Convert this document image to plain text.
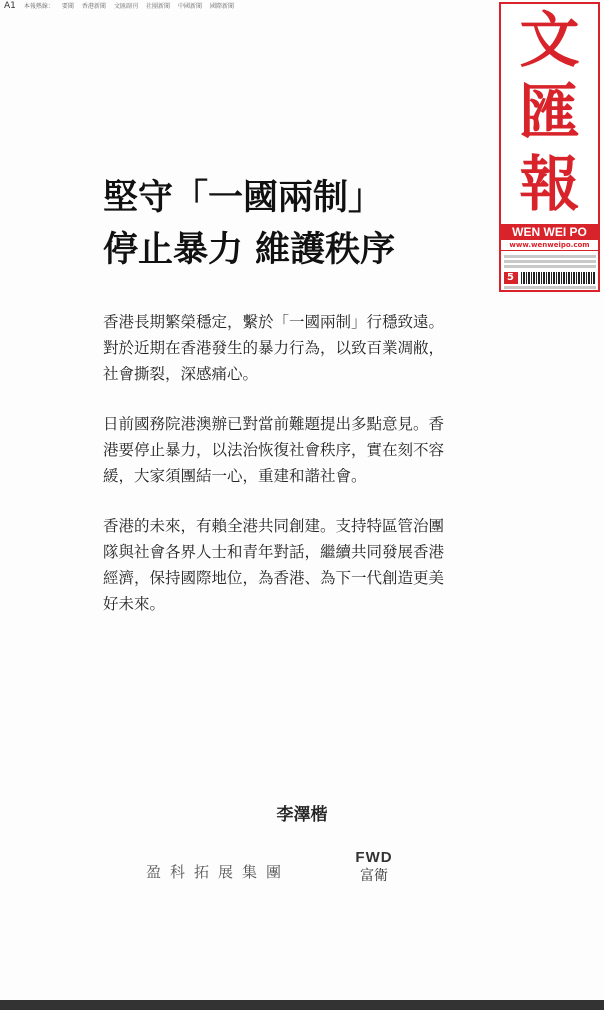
A1 本報熱線： 要聞 香港新聞 文匯副刊 社團新聞 中國新聞 國際新聞	文
匯
報
WEN WEI PO
www.wenweipo.com
5
堅守「一國兩制」
停止暴力 維護秩序

香港長期繁榮穩定，繫於「一國兩制」行穩致遠。對於近期在香港發生的暴力行為，以致百業凋敝，社會撕裂，深感痛心。

日前國務院港澳辦已對當前難題提出多點意見。香港要停止暴力，以法治恢復社會秩序，實在刻不容緩，大家須團結一心，重建和諧社會。

香港的未來，有賴全港共同創建。支持特區管治團隊與社會各界人士和青年對話，繼續共同發展香港經濟，保持國際地位，為香港、為下一代創造更美好未來。

李澤楷
盈科拓展集團
FWD
富衛
